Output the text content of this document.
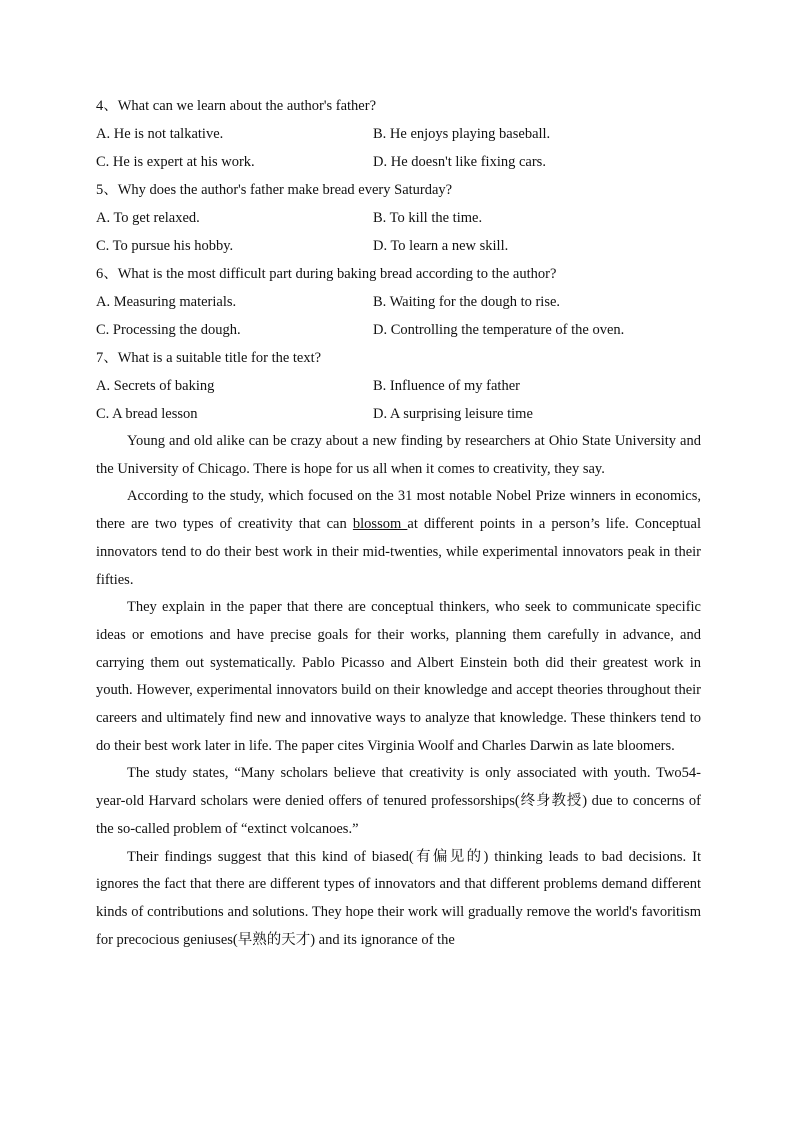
4、What can we learn about the author's father?
A. He is not talkative.	B. He enjoys playing baseball.
C. He is expert at his work.	D. He doesn't like fixing cars.
5、Why does the author's father make bread every Saturday?
A. To get relaxed.	B. To kill the time.
C. To pursue his hobby.	D. To learn a new skill.
6、What is the most difficult part during baking bread according to the author?
A. Measuring materials.	B. Waiting for the dough to rise.
C. Processing the dough.	D. Controlling the temperature of the oven.
7、What is a suitable title for the text?
A. Secrets of baking	B. Influence of my father
C. A bread lesson	D. A surprising leisure time

Young and old alike can be crazy about a new finding by researchers at Ohio State University and the University of Chicago. There is hope for us all when it comes to creativity, they say.

According to the study, which focused on the 31 most notable Nobel Prize winners in economics, there are two types of creativity that can blossom at different points in a person’s life. Conceptual innovators tend to do their best work in their mid-twenties, while experimental innovators peak in their fifties.

They explain in the paper that there are conceptual thinkers, who seek to communicate specific ideas or emotions and have precise goals for their works, planning them carefully in advance, and carrying them out systematically. Pablo Picasso and Albert Einstein both did their greatest work in youth. However, experimental innovators build on their knowledge and accept theories throughout their careers and ultimately find new and innovative ways to analyze that knowledge. These thinkers tend to do their best work later in life. The paper cites Virginia Woolf and Charles Darwin as late bloomers.

The study states, “Many scholars believe that creativity is only associated with youth. Two54-year-old Harvard scholars were denied offers of tenured professorships(终身教授) due to concerns of the so-called problem of “extinct volcanoes.”

Their findings suggest that this kind of biased(有偏见的) thinking leads to bad decisions. It ignores the fact that there are different types of innovators and that different problems demand different kinds of contributions and solutions. They hope their work will gradually remove the world's favoritism for precocious geniuses(早熟的天才) and its ignorance of the
